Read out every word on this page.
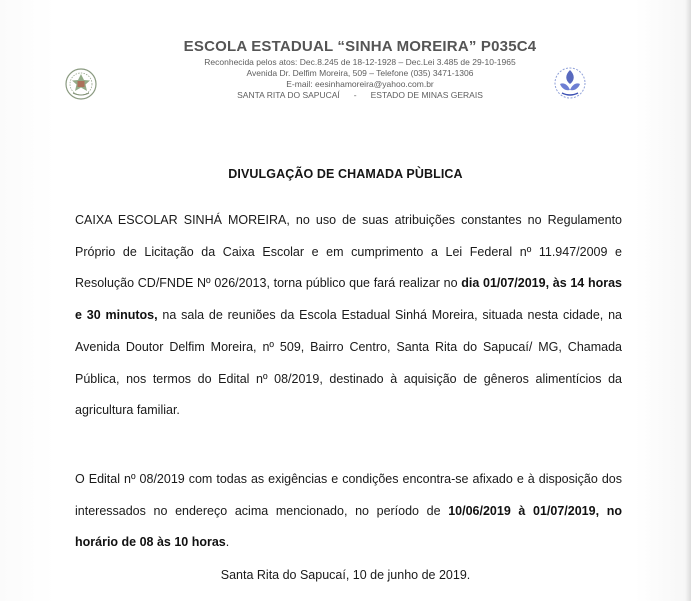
ESCOLA ESTADUAL “SINHA MOREIRA” P035C4
Reconhecida pelos atos: Dec.8.245 de 18-12-1928 – Dec.Lei 3.485 de 29-10-1965
Avenida Dr. Delfim Moreira, 509 – Telefone (035) 3471-1306
E-mail: eesinhamoreira@yahoo.com.br
SANTA RITA DO SAPUCAÍ - ESTADO DE MINAS GERAIS
DIVULGAÇÃO DE CHAMADA PÙBLICA
CAIXA ESCOLAR SINHÁ MOREIRA, no uso de suas atribuições constantes no Regulamento Próprio de Licitação da Caixa Escolar e em cumprimento a Lei Federal nº 11.947/2009 e Resolução CD/FNDE Nº 026/2013, torna público que fará realizar no dia 01/07/2019, às 14 horas e 30 minutos, na sala de reuniões da Escola Estadual Sinhá Moreira, situada nesta cidade, na Avenida Doutor Delfim Moreira, nº 509, Bairro Centro, Santa Rita do Sapucaí/ MG, Chamada Pública, nos termos do Edital nº 08/2019, destinado à aquisição de gêneros alimentícios da agricultura familiar.
O Edital nº 08/2019 com todas as exigências e condições encontra-se afixado e à disposição dos interessados no endereço acima mencionado, no período de 10/06/2019 à 01/07/2019, no horário de 08 às 10 horas.
Santa Rita do Sapucaí, 10 de junho de 2019.
